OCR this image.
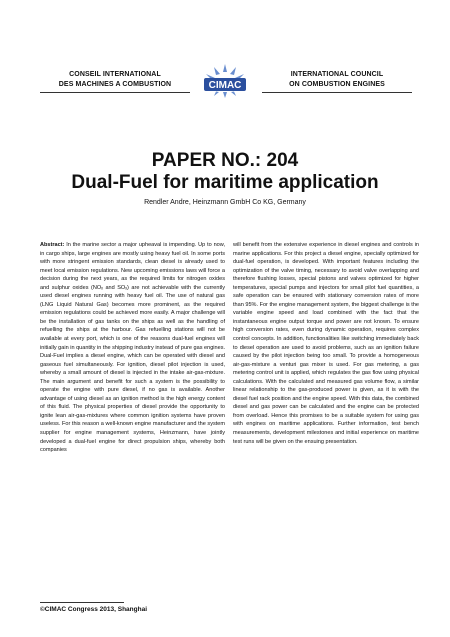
CONSEIL INTERNATIONAL
DES MACHINES A COMBUSTION	CIMAC
INTERNATIONAL COUNCIL
ON COMBUSTION ENGINES
PAPER NO.: 204
Dual-Fuel for maritime application
Rendler Andre, Heinzmann GmbH Co KG, Germany

Abstract: In the marine sector a major upheaval is impending. Up to now, in cargo ships, large engines are mostly using heavy fuel oil. In some ports with more stringent emission standards, clean diesel is already used to meet local emission regulations. New upcoming emissions laws will force a decision during the next years, as the required limits for nitrogen oxides and sulphur oxides (NOₓ and SOₓ) are not achievable with the currently used diesel engines running with heavy fuel oil. The use of natural gas (LNG Liquid Natural Gas) becomes more prominent, as the required emission regulations could be achieved more easily. A major challenge will be the installation of gas tanks on the ships as well as the handling of refuelling the ships at the harbour. Gas refuelling stations will not be available at every port, which is one of the reasons dual-fuel engines will initially gain in quantity in the shipping industry instead of pure gas engines. Dual-Fuel implies a diesel engine, which can be operated with diesel and gaseous fuel simultaneously. For ignition, diesel pilot injection is used, whereby a small amount of diesel is injected in the intake air-gas-mixture. The main argument and benefit for such a system is the possibility to operate the engine with pure diesel, if no gas is available. Another advantage of using diesel as an ignition method is the high energy content of this fluid. The physical properties of diesel provide the opportunity to ignite lean air-gas-mixtures where common ignition systems have proven useless. For this reason a well-known engine manufacturer and the system supplier for engine management systems, Heinzmann, have jointly developed a dual-fuel engine for direct propulsion ships, whereby both companies

will benefit from the extensive experience in diesel engines and controls in marine applications. For this project a diesel engine, specially optimized for dual-fuel operation, is developed. With important features including the optimization of the valve timing, necessary to avoid valve overlapping and therefore flushing losses, special pistons and valves optimized for higher temperatures, special pumps and injectors for small pilot fuel quantities, a safe operation can be ensured with stationary conversion rates of more than 95%. For the engine management system, the biggest challenge is the variable engine speed and load combined with the fact that the instantaneous engine output torque and power are not known. To ensure high conversion rates, even during dynamic operation, requires complex control concepts. In addition, functionalities like switching immediately back to diesel operation are used to avoid problems, such as an ignition failure caused by the pilot injection being too small. To provide a homogeneous air-gas-mixture a venturi gas mixer is used. For gas metering, a gas metering control unit is applied, which regulates the gas flow using physical calculations. With the calculated and measured gas volume flow, a similar linear relationship to the gas-produced power is given, as it is with the diesel fuel rack position and the engine speed. With this data, the combined diesel and gas power can be calculated and the engine can be protected from overload. Hence this promises to be a suitable system for using gas with engines on maritime applications. Further information, test bench measurements, development milestones and initial experience on maritime test runs will be given on the ensuing presentation.

©CIMAC Congress 2013, Shanghai
